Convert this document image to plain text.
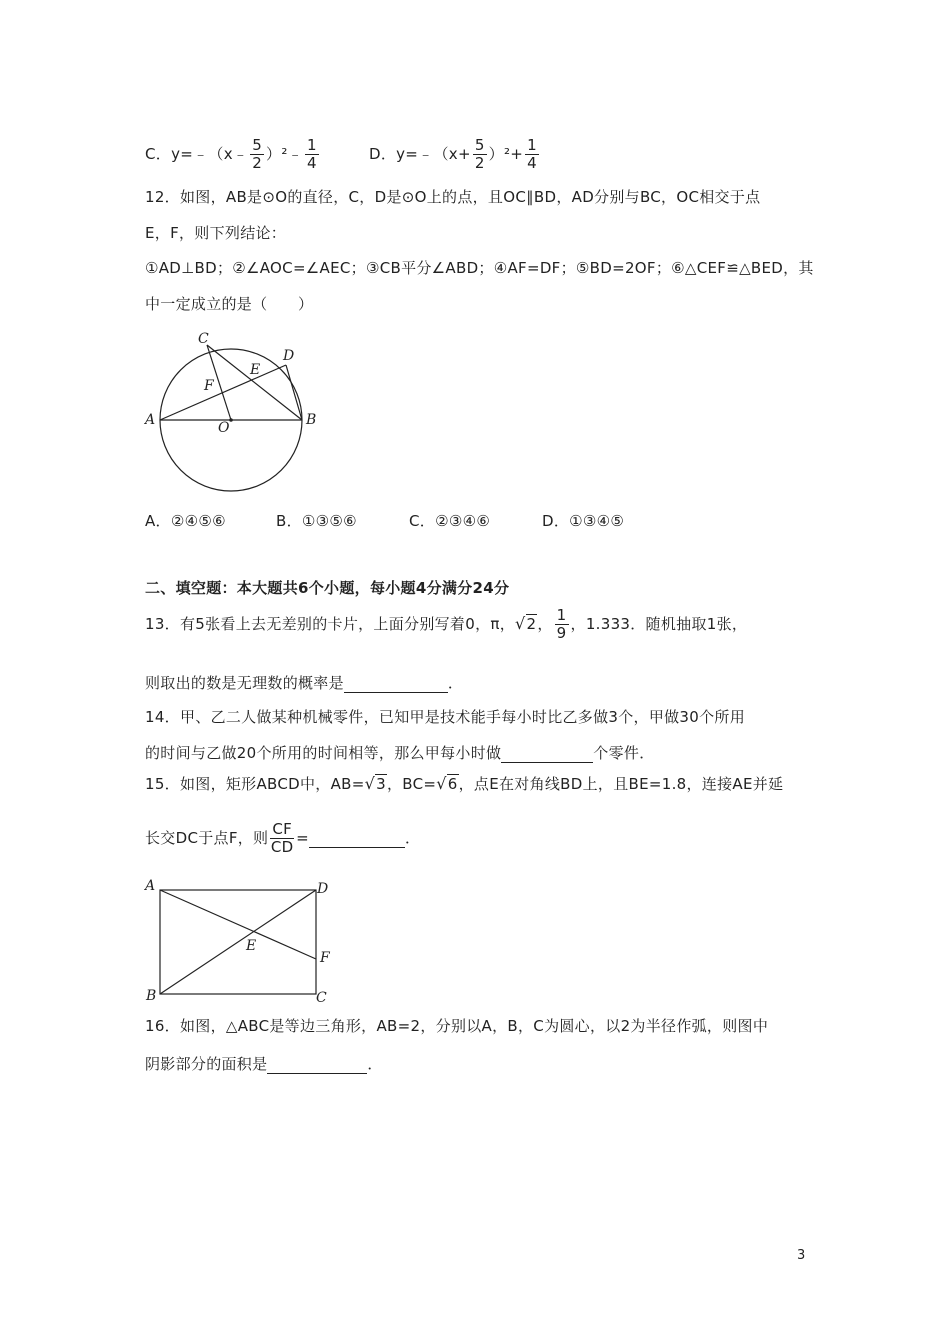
C．y=﹣（x﹣ $\frac{5}{2}$ ）²﹣ $\frac{1}{4}$	D．y=﹣（x+ $\frac{5}{2} )^2+ \frac{1}{4}$
12．如图，AB是⊙O的直径，C，D是⊙O上的点，且OC∥BD，AD分别与BC，OC相交于点
E，F，则下列结论：
①AD⊥BD；②∠AOC=∠AEC；③CB平分∠ABD；④AF=DF；⑤BD=2OF；⑥△CEF≌△BED，其
中一定成立的是（　　）
C
D
E
F
A	B
O
A．②④⑤⑥	B．①③⑤⑥	C．②③④⑥	D．①③④⑤
二、填空题：本大题共6个小题，每小题4分满分24分
13．有5张看上去无差别的卡片，上面分别写着0，π，√2， $\frac{1}{9}$ ，1.333．随机抽取1张，
则取出的数是无理数的概率是	．
14．甲、乙二人做某种机械零件，已知甲是技术能手每小时比乙多做3个，甲做30个所用
的时间与乙做20个所用的时间相等，那么甲每小时做	个零件．
15．如图，矩形ABCD中，AB=√3，BC=√6，点E在对角线BD上，且BE=1.8，连接AE并延
长交DC于点F，则 $\frac{CF}{CD}$ =	．
A	D
E
F
B	C
16．如图，△ABC是等边三角形，AB=2，分别以A，B，C为圆心，以2为半径作弧，则图中
阴影部分的面积是	．
3
